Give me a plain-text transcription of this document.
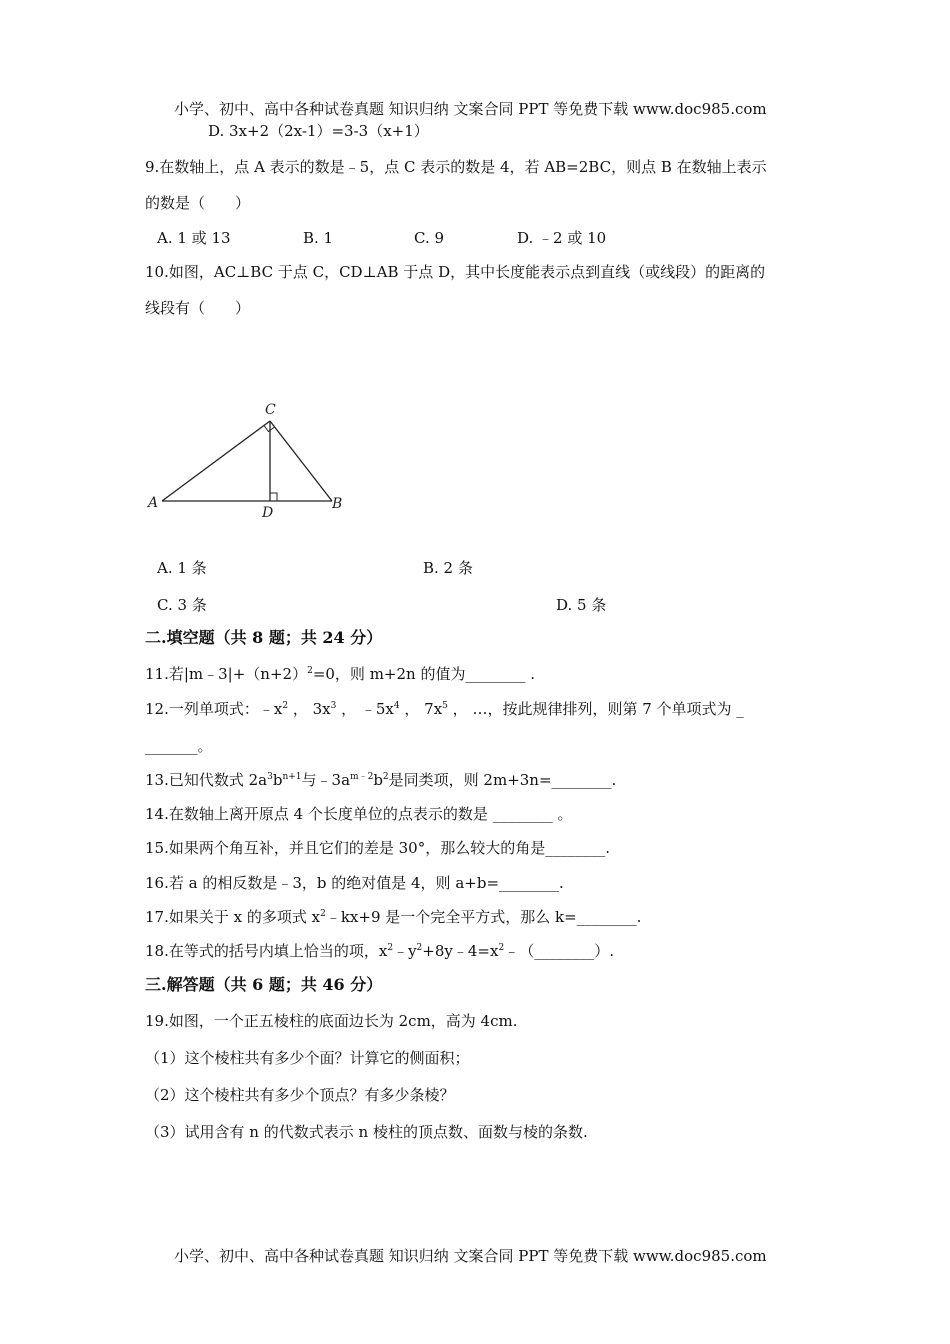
小学、初中、高中各种试卷真题 知识归纳 文案合同 PPT 等免费下载 www.doc985.com
D. 3x+2（2x-1）=3-3（x+1）
9.在数轴上，点 A 表示的数是﹣5，点 C 表示的数是 4，若 AB=2BC，则点 B 在数轴上表示
的数是（　　）
A. 1 或 13	B. 1	C. 9	D. ﹣2 或 10
10.如图，AC⊥BC 于点 C，CD⊥AB 于点 D，其中长度能表示点到直线（或线段）的距离的
线段有（　　）
C
A	B
D
A. 1 条	B. 2 条
C. 3 条	D. 5 条
二.填空题（共 8 题；共 24 分）
11.若$|m﹣3|+(n+2)^2=0$，则 m+2n 的值为________ .
12.一列单项式：$﹣x^2$ ， $3x^3$ ， $﹣5x^4$ ， $7x^5$ ， …，按此规律排列，则第 7 个单项式为 _
_______。
13.已知代数式 $2a^3b^{n+1}$与$﹣3a^{m﹣2}b^2$是同类项，则 2m+3n=________.
14.在数轴上离开原点 4 个长度单位的点表示的数是 ________ 。
15.如果两个角互补，并且它们的差是 30°，那么较大的角是________.
16.若 a 的相反数是﹣3，b 的绝对值是 4，则 a+b=________.
17.如果关于 x 的多项式 $x^2﹣kx+9$ 是一个完全平方式，那么 k=________.
18.在等式的括号内填上恰当的项，$x^2﹣y^2+8y﹣4=x^2﹣(\_\_\_\_\_\_\_\_)$.
三.解答题（共 6 题；共 46 分）
19.如图，一个正五棱柱的底面边长为 2cm，高为 4cm.
（1）这个棱柱共有多少个面？计算它的侧面积；
（2）这个棱柱共有多少个顶点？有多少条棱？
（3）试用含有 n 的代数式表示 n 棱柱的顶点数、面数与棱的条数.
小学、初中、高中各种试卷真题 知识归纳 文案合同 PPT 等免费下载 www.doc985.com
